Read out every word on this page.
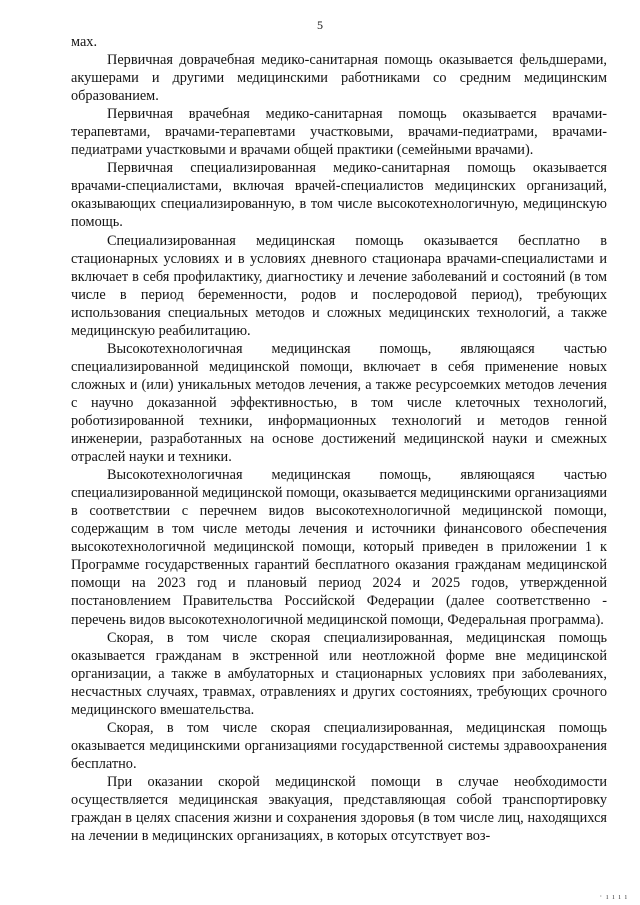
5

мах.

Первичная доврачебная медико-санитарная помощь оказывается фельдшерами, акушерами и другими медицинскими работниками со средним медицинским образованием.

Первичная врачебная медико-санитарная помощь оказывается врачами-терапевтами, врачами-терапевтами участковыми, врачами-педиатрами, врачами-педиатрами участковыми и врачами общей практики (семейными врачами).

Первичная специализированная медико-санитарная помощь оказывается врачами-специалистами, включая врачей-специалистов медицинских организаций, оказывающих специализированную, в том числе высокотехнологичную, медицинскую помощь.

Специализированная медицинская помощь оказывается бесплатно в стационарных условиях и в условиях дневного стационара врачами-специалистами и включает в себя профилактику, диагностику и лечение заболеваний и состояний (в том числе в период беременности, родов и послеродовой период), требующих использования специальных методов и сложных медицинских технологий, а также медицинскую реабилитацию.

Высокотехнологичная медицинская помощь, являющаяся частью специализированной медицинской помощи, включает в себя применение новых сложных и (или) уникальных методов лечения, а также ресурсоемких методов лечения с научно доказанной эффективностью, в том числе клеточных технологий, роботизированной техники, информационных технологий и методов генной инженерии, разработанных на основе достижений медицинской науки и смежных отраслей науки и техники.

Высокотехнологичная медицинская помощь, являющаяся частью специализированной медицинской помощи, оказывается медицинскими организациями в соответствии с перечнем видов высокотехнологичной медицинской помощи, содержащим в том числе методы лечения и источники финансового обеспечения высокотехнологичной медицинской помощи, который приведен в приложении 1 к Программе государственных гарантий бесплатного оказания гражданам медицинской помощи на 2023 год и плановый период 2024 и 2025 годов, утвержденной постановлением Правительства Российской Федерации (далее соответственно - перечень видов высокотехнологичной медицинской помощи, Федеральная программа).

Скорая, в том числе скорая специализированная, медицинская помощь оказывается гражданам в экстренной или неотложной форме вне медицинской организации, а также в амбулаторных и стационарных условиях при заболеваниях, несчастных случаях, травмах, отравлениях и других состояниях, требующих срочного медицинского вмешательства.

Скорая, в том числе скорая специализированная, медицинская помощь оказывается медицинскими организациями государственной системы здравоохранения бесплатно.

При оказании скорой медицинской помощи в случае необходимости осуществляется медицинская эвакуация, представляющая собой транспортировку граждан в целях спасения жизни и сохранения здоровья (в том числе лиц, находящихся на лечении в медицинских организациях, в которых отсутствует воз-

· ı ı ı ı
